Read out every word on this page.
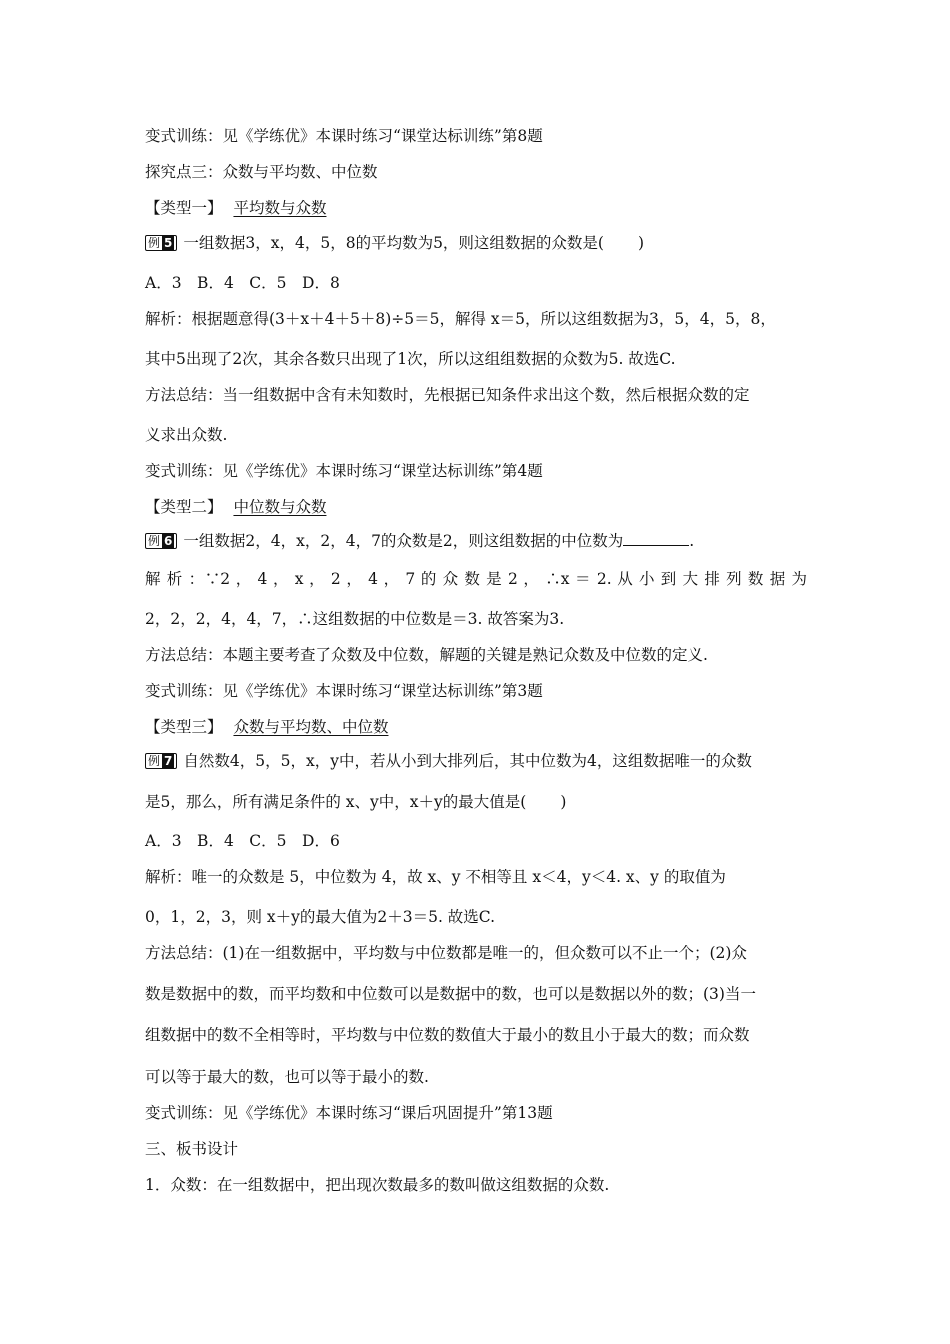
变式训练：见《学练优》本课时练习“课堂达标训练”第8题
探究点三：众数与平均数、中位数
【类型一】 平均数与众数
例 5 一组数据3，x，4，5，8的平均数为5，则这组数据的众数是( )
A．3　B．4　C．5　D．8
解析：根据题意得(3＋x＋4＋5＋8)÷5＝5，解得 x＝5，所以这组数据为3，5，4，5，8，
其中5出现了2次，其余各数只出现了1次，所以这组组数据的众数为5. 故选C.
方法总结：当一组数据中含有未知数时，先根据已知条件求出这个数，然后根据众数的定
义求出众数.
变式训练：见《学练优》本课时练习“课堂达标训练”第4题
【类型二】 中位数与众数
例 6 一组数据2，4，x，2，4，7的众数是2，则这组数据的中位数为	.
解 析 ：∵2 ， 4 ， x ， 2 ， 4 ， 7 的 众 数 是 2 ， ∴x ＝ 2. 从 小 到 大 排 列 数 据 为
2，2，2，4，4，7，∴这组数据的中位数是＝3. 故答案为3.
方法总结：本题主要考查了众数及中位数，解题的关键是熟记众数及中位数的定义.
变式训练：见《学练优》本课时练习“课堂达标训练”第3题
【类型三】 众数与平均数、中位数
例 7 自然数4，5，5，x，y中，若从小到大排列后，其中位数为4，这组数据唯一的众数
是5，那么，所有满足条件的 x、y中，x＋y的最大值是( )
A．3　B．4　C．5　D．6
解析：唯一的众数是 5，中位数为 4，故 x、y 不相等且 x＜4，y＜4. x、y 的取值为
0，1，2，3，则 x＋y的最大值为2＋3＝5. 故选C.
方法总结：(1)在一组数据中，平均数与中位数都是唯一的，但众数可以不止一个；(2)众
数是数据中的数，而平均数和中位数可以是数据中的数，也可以是数据以外的数；(3)当一
组数据中的数不全相等时，平均数与中位数的数值大于最小的数且小于最大的数；而众数
可以等于最大的数，也可以等于最小的数.
变式训练：见《学练优》本课时练习“课后巩固提升”第13题
三、板书设计
1．众数：在一组数据中，把出现次数最多的数叫做这组数据的众数.
